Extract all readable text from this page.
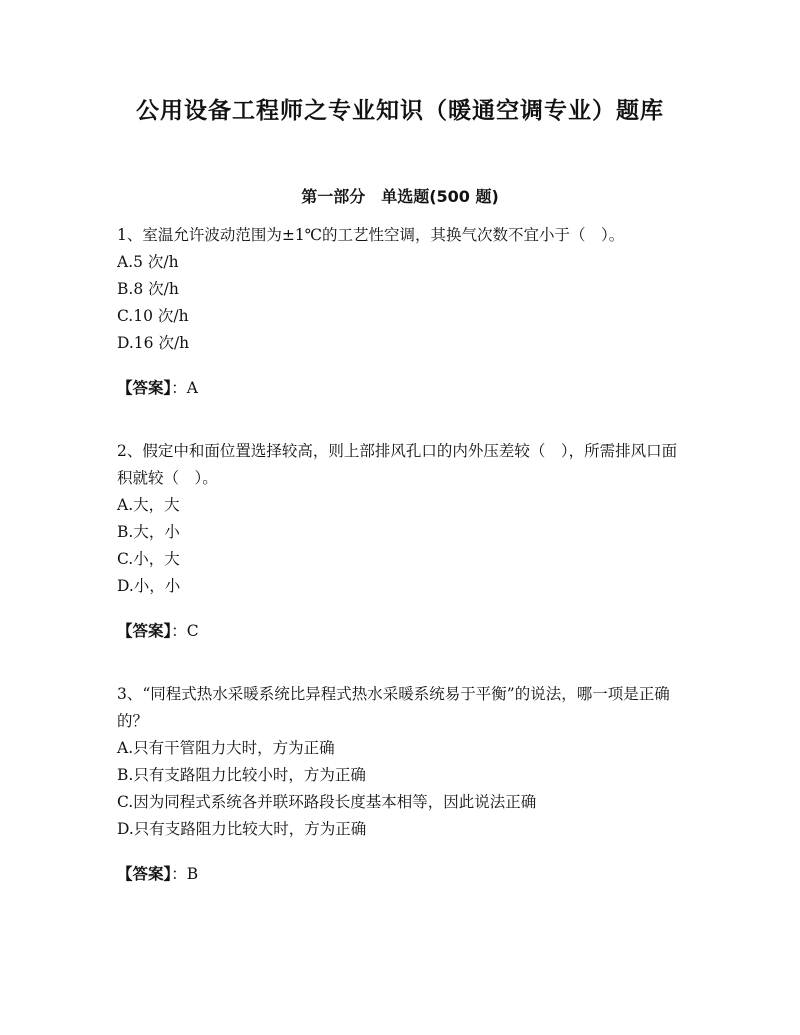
公用设备工程师之专业知识（暖通空调专业）题库
第一部分　单选题(500 题)

1、室温允许波动范围为±1℃的工艺性空调，其换气次数不宜小于（　）。

A.5 次/h

B.8 次/h

C.10 次/h

D.16 次/h

【答案】：A

2、假定中和面位置选择较高，则上部排风孔口的内外压差较（　），所需排风口面积就较（　）。

A.大，大

B.大，小

C.小，大

D.小，小

【答案】：C

3、“同程式热水采暖系统比异程式热水采暖系统易于平衡”的说法，哪一项是正确的？

A.只有干管阻力大时，方为正确

B.只有支路阻力比较小时，方为正确

C.因为同程式系统各并联环路段长度基本相等，因此说法正确

D.只有支路阻力比较大时，方为正确

【答案】：B
